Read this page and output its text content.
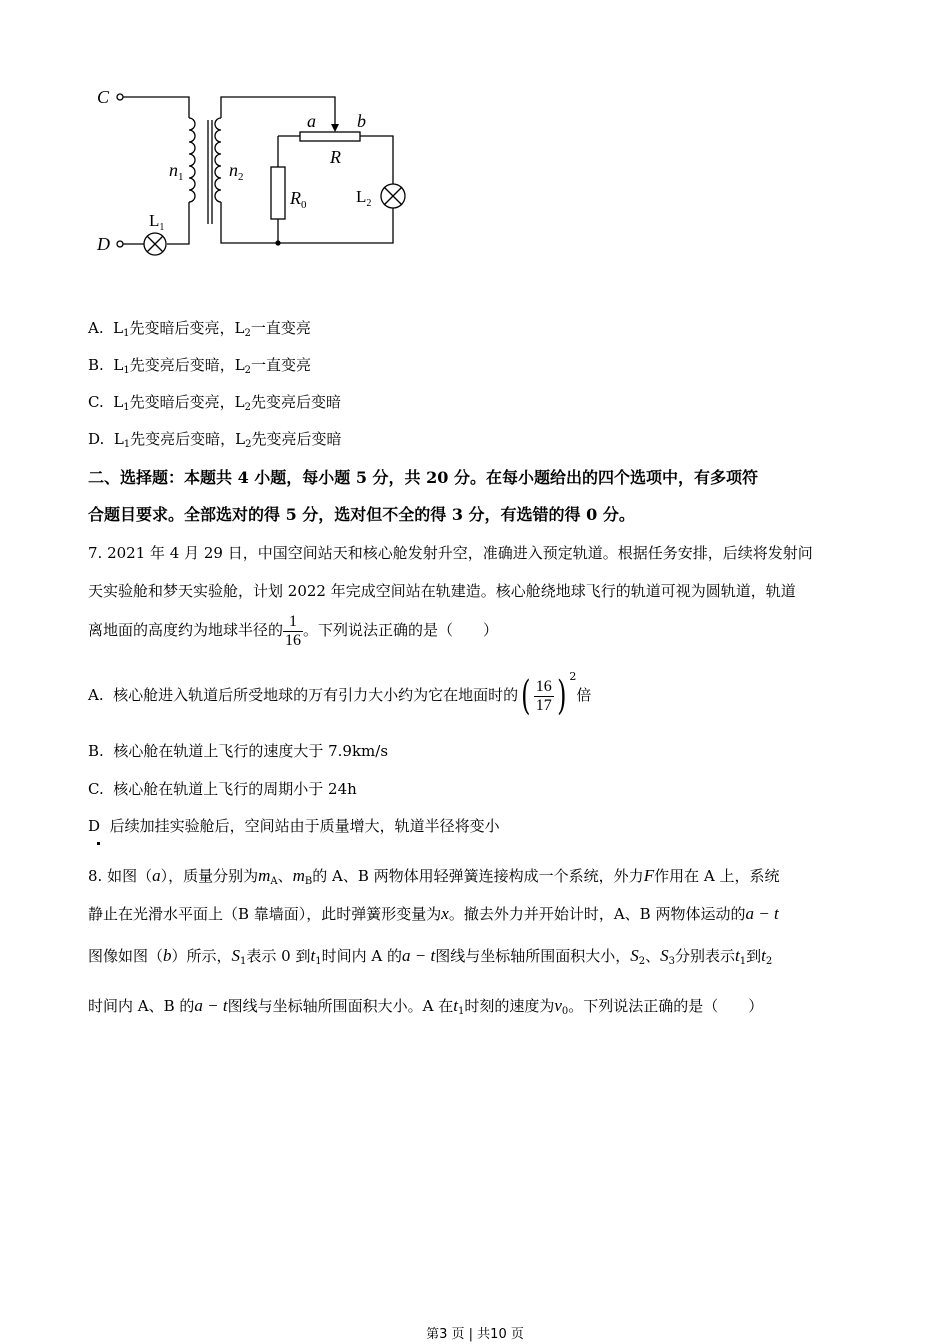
C
D
$n_1$	$n_2$
a b
R
$R_0$
$L_1$
$L_2$
A. $L_1$先变暗后变亮，$L_2$一直变亮
B. $L_1$先变亮后变暗，$L_2$一直变亮
C. $L_1$先变暗后变亮，$L_2$先变亮后变暗
D. $L_1$先变亮后变暗，$L_2$先变亮后变暗
二、选择题：本题共 4 小题，每小题 5 分，共 20 分。在每小题给出的四个选项中，有多项符
合题目要求。全部选对的得 5 分，选对但不全的得 3 分，有选错的得 0 分。
7. 2021 年 4 月 29 日，中国空间站天和核心舱发射升空，准确进入预定轨道。根据任务安排，后续将发射问
天实验舱和梦天实验舱，计划 2022 年完成空间站在轨建造。核心舱绕地球飞行的轨道可视为圆轨道，轨道
离地面的高度约为地球半径的 $\frac{1}{16}$ 。下列说法正确的是（　　）
A. 核心舱进入轨道后所受地球的万有引力大小约为它在地面时的( $\frac{16}{17}$ ) $^2$倍
B. 核心舱在轨道上飞行的速度大于 7.9km/s
C. 核心舱在轨道上飞行的周期小于 24h
D 后续加挂实验舱后，空间站由于质量增大，轨道半径将变小
8. 如图（a），质量分别为$m_A$、$m_B$的 A、B 两物体用轻弹簧连接构成一个系统，外力F作用在 A 上，系统
静止在光滑水平面上（B 靠墙面），此时弹簧形变量为x。撤去外力并开始计时，A、B 两物体运动的a − t
图像如图（b）所示，$S_1$表示 0 到$t_1$时间内 A 的a − t图线与坐标轴所围面积大小，$S_2$、$S_3$分别表示$t_1$到$t_2$
时间内 A、B 的a − t图线与坐标轴所围面积大小。A 在$t_1$时刻的速度为$v_0$。下列说法正确的是（　　）
第3 页 | 共10 页
